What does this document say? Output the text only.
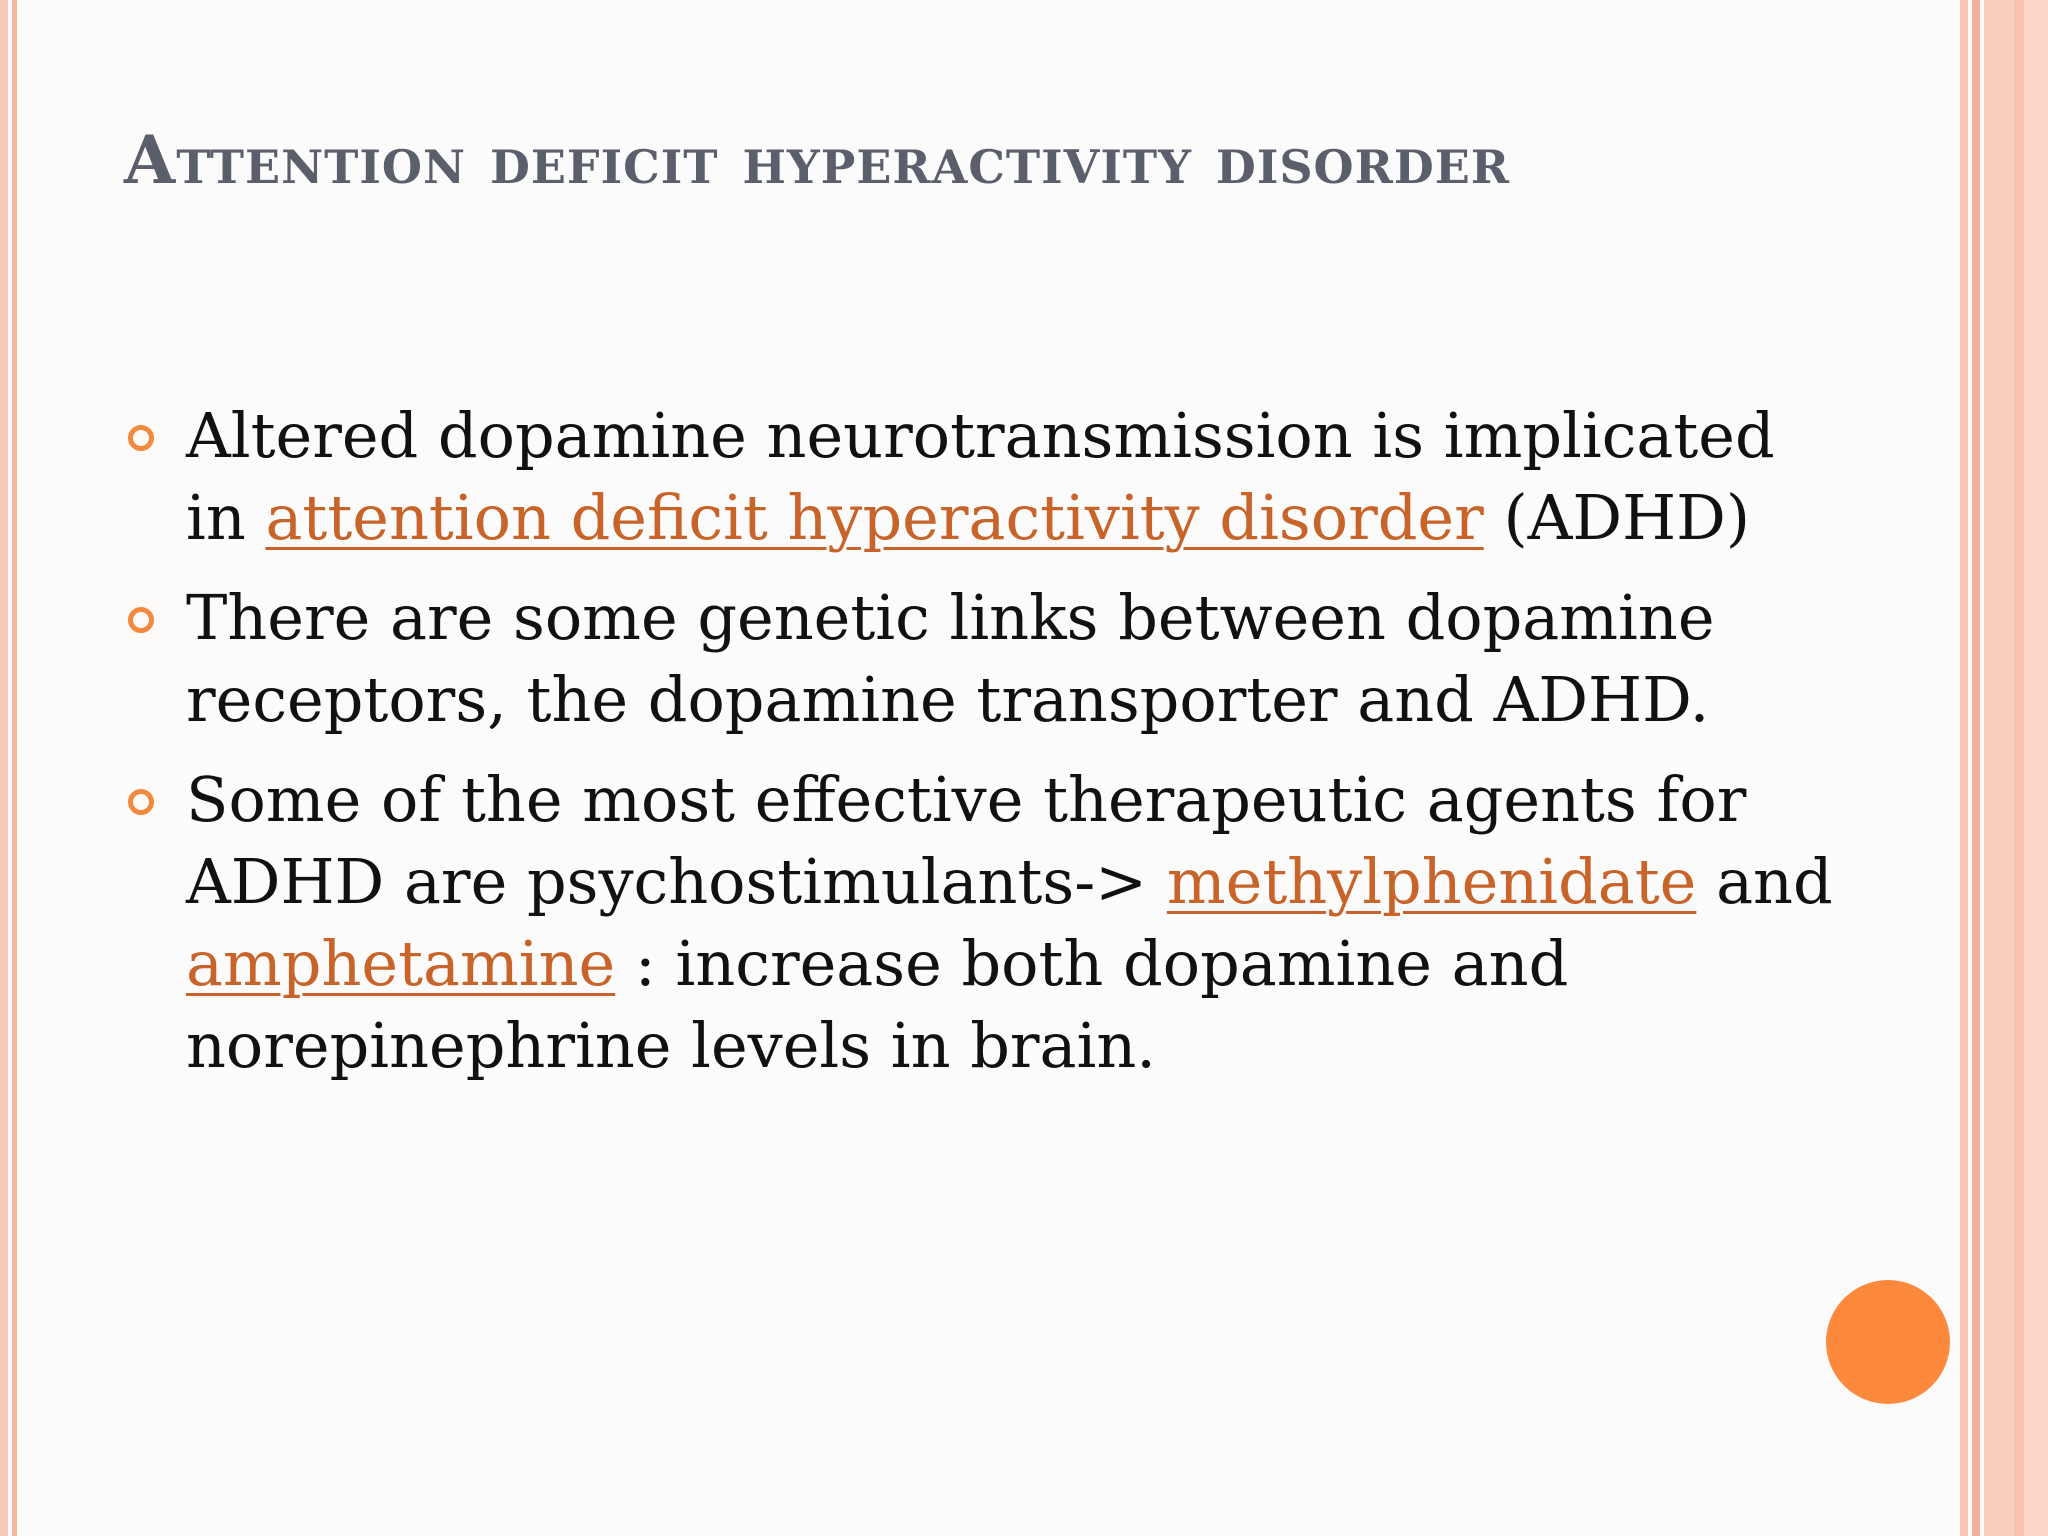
Attention deficit hyperactivity disorder
Altered dopamine neurotransmission is implicated in attention deficit hyperactivity disorder (ADHD)
There are some genetic links between dopamine receptors, the dopamine transporter and ADHD.
Some of the most effective therapeutic agents for ADHD are psychostimulants-> methylphenidate and amphetamine : increase both dopamine and norepinephrine levels in brain.
